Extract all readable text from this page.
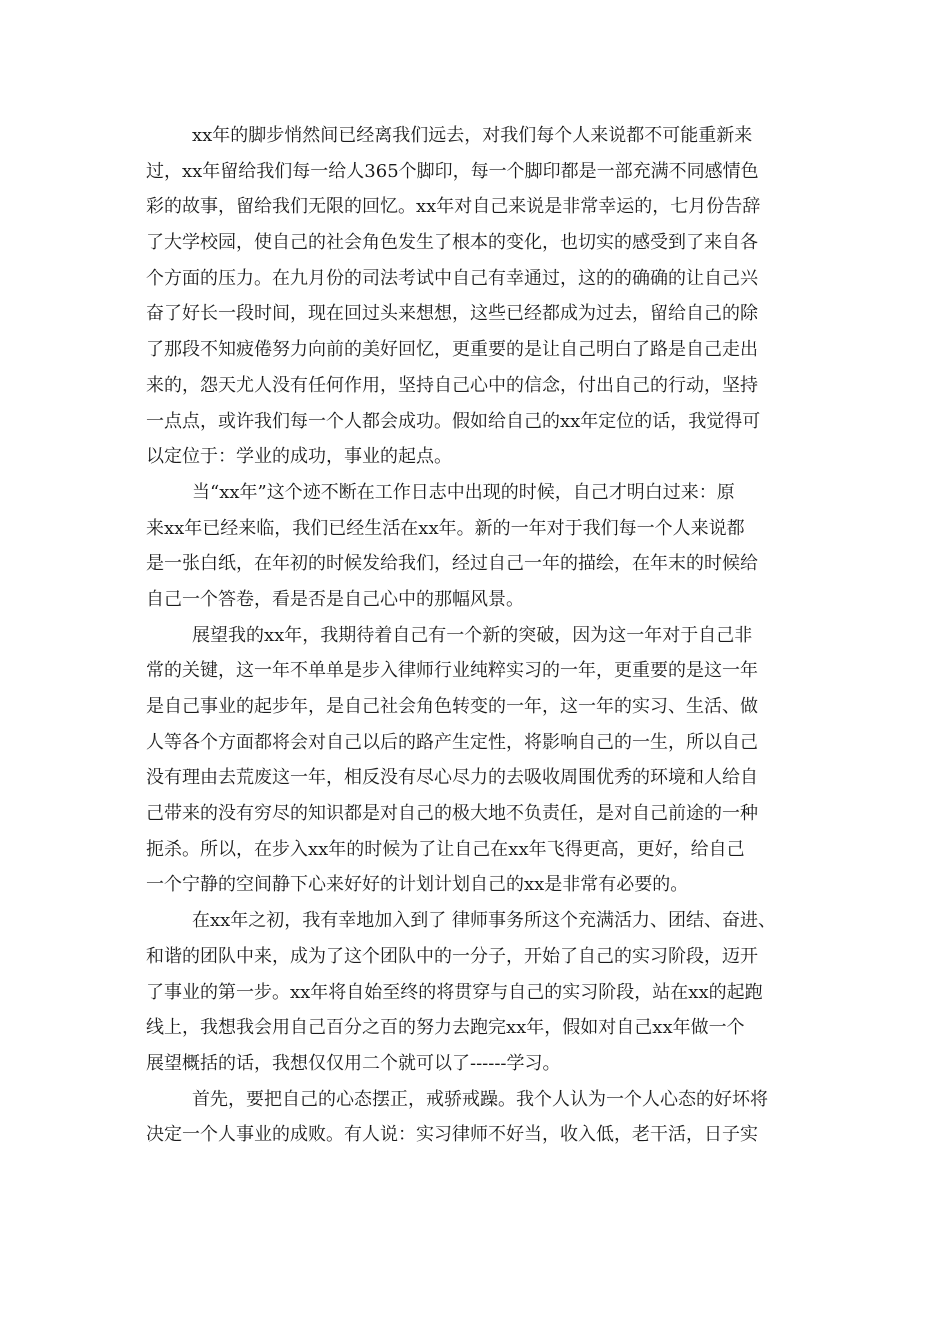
xx年的脚步悄然间已经离我们远去，对我们每个人来说都不可能重新来
过，xx年留给我们每一给人365个脚印，每一个脚印都是一部充满不同感情色
彩的故事，留给我们无限的回忆。xx年对自己来说是非常幸运的，七月份告辞
了大学校园，使自己的社会角色发生了根本的变化，也切实的感受到了来自各
个方面的压力。在九月份的司法考试中自己有幸通过，这的的确确的让自己兴
奋了好长一段时间，现在回过头来想想，这些已经都成为过去，留给自己的除
了那段不知疲倦努力向前的美好回忆，更重要的是让自己明白了路是自己走出
来的，怨天尤人没有任何作用，坚持自己心中的信念，付出自己的行动，坚持
一点点，或许我们每一个人都会成功。假如给自己的xx年定位的话，我觉得可
以定位于：学业的成功，事业的起点。
当“xx年”这个迹不断在工作日志中出现的时候，自己才明白过来：原
来xx年已经来临，我们已经生活在xx年。新的一年对于我们每一个人来说都
是一张白纸，在年初的时候发给我们，经过自己一年的描绘，在年末的时候给
自己一个答卷，看是否是自己心中的那幅风景。
展望我的xx年，我期待着自己有一个新的突破，因为这一年对于自己非
常的关键，这一年不单单是步入律师行业纯粹实习的一年，更重要的是这一年
是自己事业的起步年，是自己社会角色转变的一年，这一年的实习、生活、做
人等各个方面都将会对自己以后的路产生定性，将影响自己的一生，所以自己
没有理由去荒废这一年，相反没有尽心尽力的去吸收周围优秀的环境和人给自
己带来的没有穷尽的知识都是对自己的极大地不负责任，是对自己前途的一种
扼杀。所以，在步入xx年的时候为了让自己在xx年飞得更高，更好，给自己
一个宁静的空间静下心来好好的计划计划自己的xx是非常有必要的。
在xx年之初，我有幸地加入到了 律师事务所这个充满活力、团结、奋进、
和谐的团队中来，成为了这个团队中的一分子，开始了自己的实习阶段，迈开
了事业的第一步。xx年将自始至终的将贯穿与自己的实习阶段，站在xx的起跑
线上，我想我会用自己百分之百的努力去跑完xx年，假如对自己xx年做一个
展望概括的话，我想仅仅用二个就可以了------学习。
首先，要把自己的心态摆正，戒骄戒躁。我个人认为一个人心态的好坏将
决定一个人事业的成败。有人说：实习律师不好当，收入低，老干活，日子实
